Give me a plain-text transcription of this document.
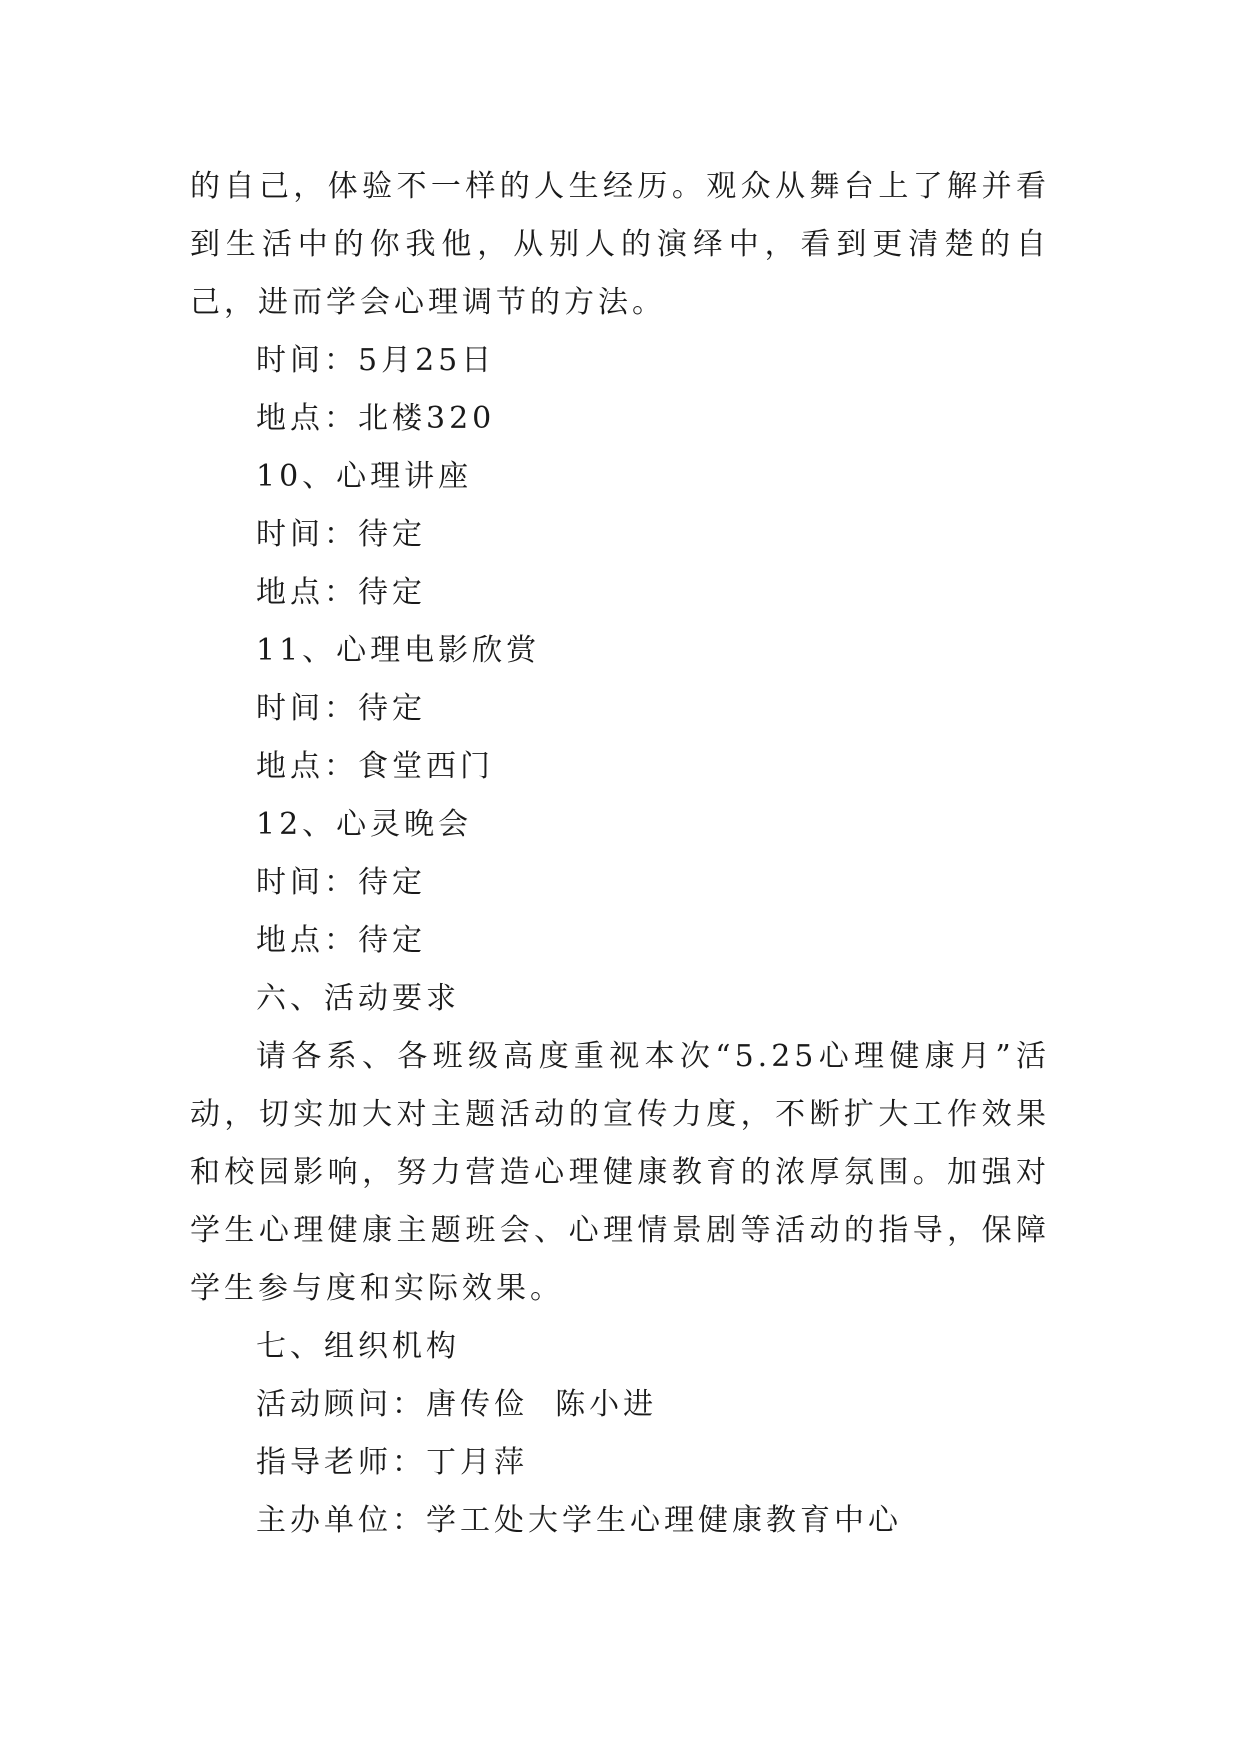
的自己，体验不一样的人生经历。观众从舞台上了解并看到生活中的你我他，从别人的演绎中，看到更清楚的自己，进而学会心理调节的方法。

时间：5月25日

地点：北楼320

10、心理讲座

时间：待定

地点：待定

11、心理电影欣赏

时间：待定

地点：食堂西门

12、心灵晚会

时间：待定

地点：待定

六、活动要求

请各系、各班级高度重视本次“5.25心理健康月”活动，切实加大对主题活动的宣传力度，不断扩大工作效果和校园影响，努力营造心理健康教育的浓厚氛围。加强对学生心理健康主题班会、心理情景剧等活动的指导，保障学生参与度和实际效果。

七、组织机构

活动顾问：唐传俭  陈小进

指导老师：丁月萍

主办单位：学工处大学生心理健康教育中心
